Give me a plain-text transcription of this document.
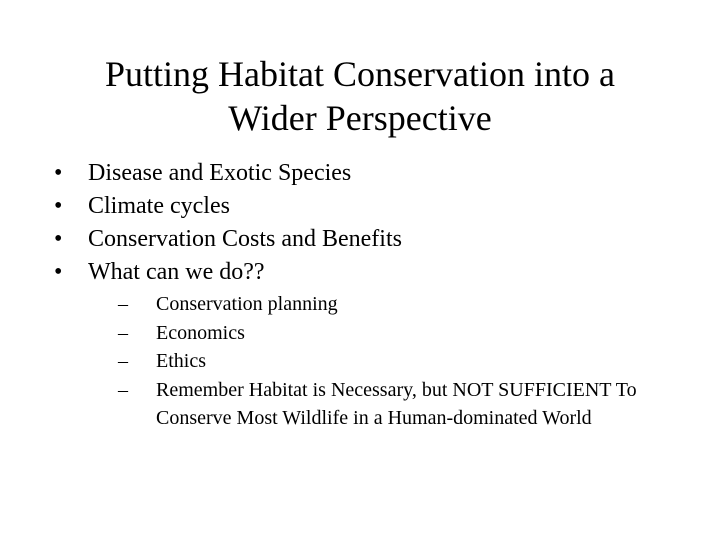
Putting Habitat Conservation into a
Wider Perspective
•	Disease and Exotic Species
•	Climate cycles
•	Conservation Costs and Benefits
•	What can we do??
– Conservation planning
– Economics
– Ethics
– Remember Habitat is Necessary, but NOT SUFFICIENT To Conserve Most Wildlife in a Human-dominated World
